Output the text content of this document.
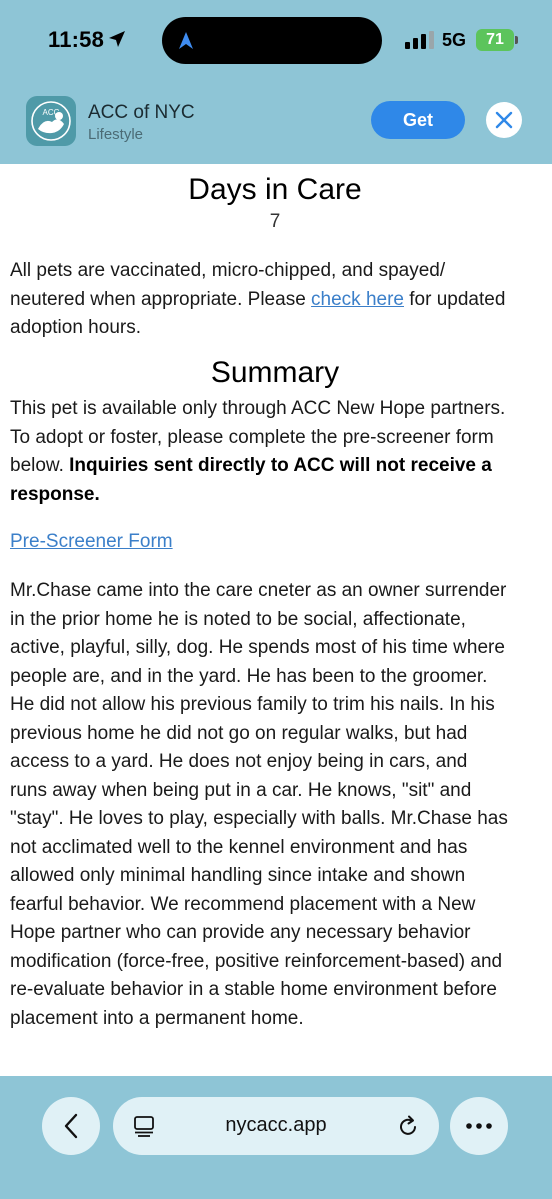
11:58	5G 71
ACC ACC of NYC
Lifestyle
Get
Days in Care
7
All pets are vaccinated, micro-chipped, and spayed/
neutered when appropriate. Please check here for updated
adoption hours.
Summary
This pet is available only through ACC New Hope partners.
To adopt or foster, please complete the pre-screener form
below. Inquiries sent directly to ACC will not receive a
response.
Pre-Screener Form
Mr.Chase came into the care cneter as an owner surrender
in the prior home he is noted to be social, affectionate,
active, playful, silly, dog. He spends most of his time where
people are, and in the yard. He has been to the groomer.
He did not allow his previous family to trim his nails. In his
previous home he did not go on regular walks, but had
access to a yard. He does not enjoy being in cars, and
runs away when being put in a car. He knows, "sit" and
"stay". He loves to play, especially with balls. Mr.Chase has
not acclimated well to the kennel environment and has
allowed only minimal handling since intake and shown
fearful behavior. We recommend placement with a New
Hope partner who can provide any necessary behavior
modification (force-free, positive reinforcement-based) and
re-evaluate behavior in a stable home environment before
placement into a permanent home.
nycacc.app
